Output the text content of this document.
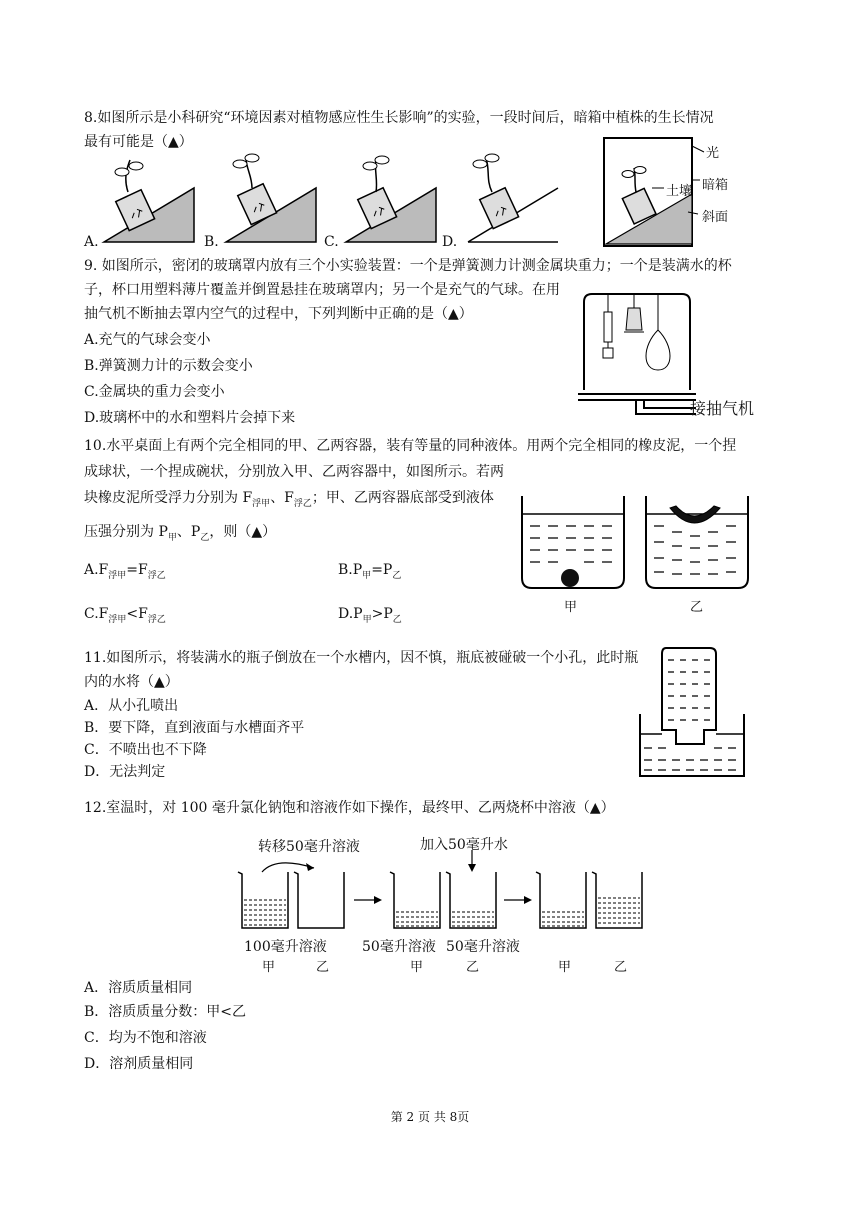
8.如图所示是小科研究“环境因素对植物感应性生长影响”的实验，一段时间后，暗箱中植株的生长情况
最有可能是（▲）
A.	B.	C.	D.
光
土壤 暗箱
斜面
9. 如图所示，密闭的玻璃罩内放有三个小实验装置：一个是弹簧测力计测金属块重力；一个是装满水的杯
子，杯口用塑料薄片覆盖并倒置悬挂在玻璃罩内；另一个是充气的气球。在用
抽气机不断抽去罩内空气的过程中，下列判断中正确的是（▲）
A.充气的气球会变小
B.弹簧测力计的示数会变小
C.金属块的重力会变小
D.玻璃杯中的水和塑料片会掉下来	接抽气机
10.水平桌面上有两个完全相同的甲、乙两容器，装有等量的同种液体。用两个完全相同的橡皮泥，一个捏
成球状，一个捏成碗状，分别放入甲、乙两容器中，如图所示。若两
块橡皮泥所受浮力分别为 $F_{浮甲}$、$F_{浮乙}$；甲、乙两容器底部受到液体
压强分别为 $P_甲$、$P_乙$，则（▲）
$A.F_{浮甲}=F_{浮乙}$	$B.P_甲=P_乙$
$C.F_{浮甲}<F_{浮乙}$	$D.P_甲>P_乙$
甲	乙
11.如图所示，将装满水的瓶子倒放在一个水槽内，因不慎，瓶底被碰破一个小孔，此时瓶
内的水将（▲）
A．从小孔喷出
B．要下降，直到液面与水槽面齐平
C．不喷出也不下降
D．无法判定
12.室温时，对 100 毫升氯化钠饱和溶液作如下操作，最终甲、乙两烧杯中溶液（▲）
转移50毫升溶液	加入50毫升水
100毫升溶液	50毫升溶液 50毫升溶液
甲	乙	甲	乙	甲	乙
A．溶质质量相同
B．溶质质量分数：甲<乙
C．均为不饱和溶液
D．溶剂质量相同
第 2 页 共 8页
